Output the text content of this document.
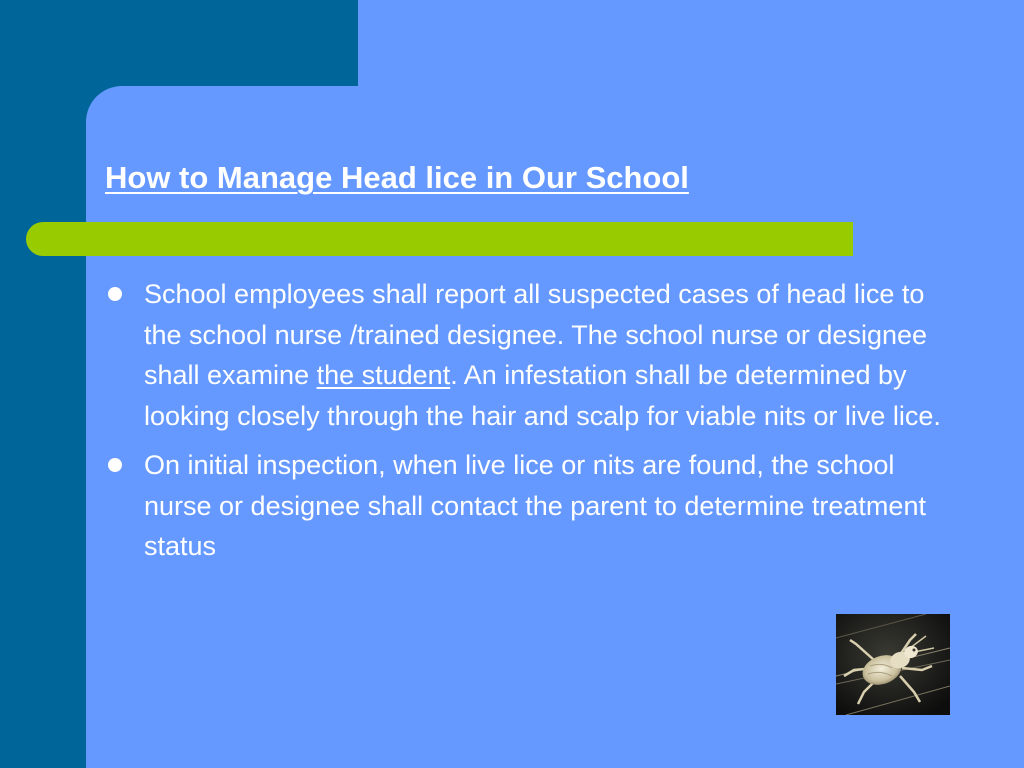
How to Manage Head lice in Our School
School employees shall report all suspected cases of head lice to the school nurse /trained designee. The school nurse or designee shall examine the student. An infestation shall be determined by looking closely through the hair and scalp for viable nits or live lice.
On initial inspection, when live lice or nits are found, the school nurse or designee shall contact the parent to determine treatment status
